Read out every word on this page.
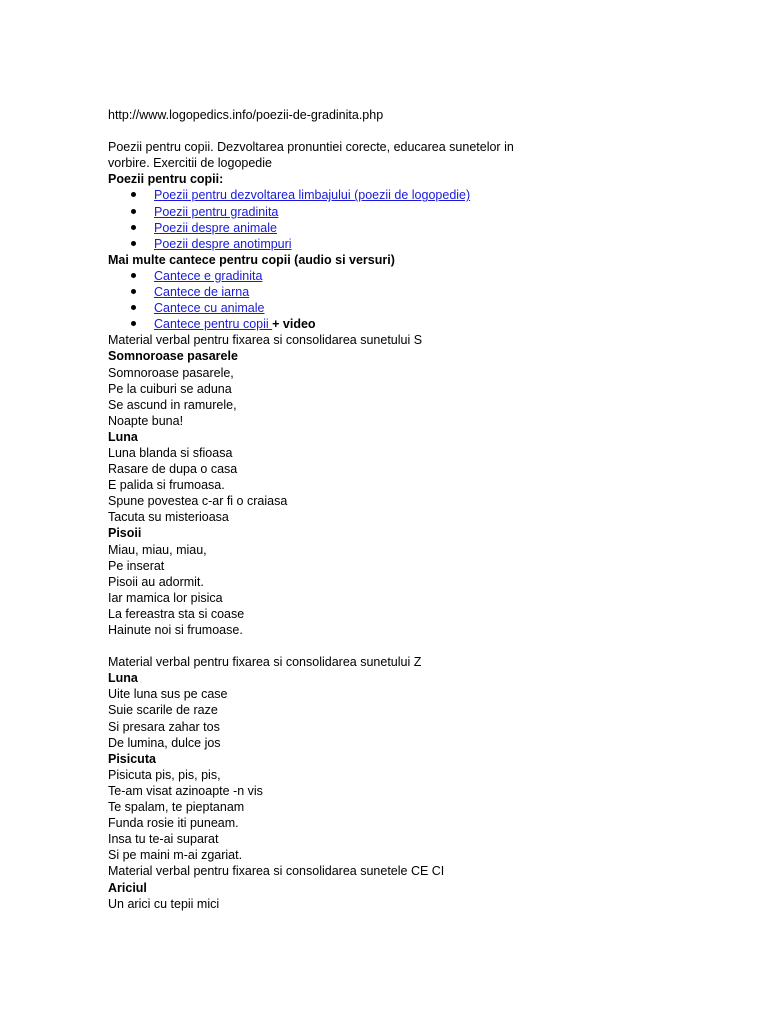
http://www.logopedics.info/poezii-de-gradinita.php
Poezii pentru copii. Dezvoltarea pronuntiei corecte, educarea sunetelor in vorbire. Exercitii de logopedie
Poezii pentru copii:
Poezii pentru dezvoltarea limbajului (poezii de logopedie)
Poezii pentru gradinita
Poezii despre animale
Poezii despre anotimpuri
Mai multe cantece pentru copii (audio si versuri)
Cantece e gradinita
Cantece de iarna
Cantece cu animale
Cantece pentru copii + video
Material verbal pentru fixarea si consolidarea sunetului S
Somnoroase pasarele
Somnoroase pasarele,
Pe la cuiburi se aduna
Se ascund in ramurele,
Noapte buna!
Luna
Luna blanda si sfioasa
Rasare de dupa o casa
E palida si frumoasa.
Spune povestea c-ar fi o craiasa
Tacuta su misterioasa
Pisoii
Miau, miau, miau,
Pe inserat
Pisoii au adormit.
Iar mamica lor pisica
La fereastra sta si coase
Hainute noi si frumoase.
Material verbal pentru fixarea si consolidarea sunetului Z
Luna
Uite luna sus pe case
Suie scarile de raze
Si presara zahar tos
De lumina, dulce jos
Pisicuta
Pisicuta pis, pis, pis,
Te-am visat azinoapte -n vis
Te spalam, te pieptanam
Funda rosie iti puneam.
Insa tu te-ai suparat
Si pe maini m-ai zgariat.
Material verbal pentru fixarea si consolidarea sunetele CE CI
Ariciul
Un arici cu tepii mici
